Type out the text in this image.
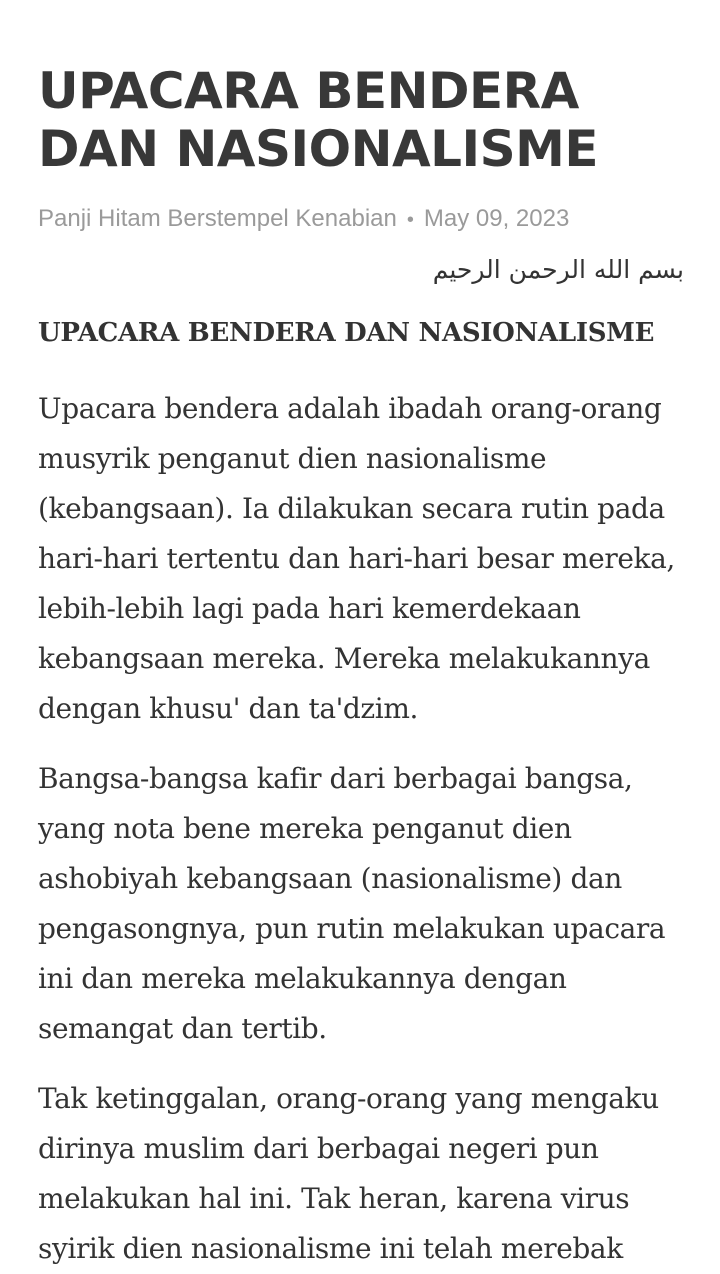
UPACARA BENDERA DAN NASIONALISME
Panji Hitam Berstempel Kenabian • May 09, 2023
بسم الله الرحمن الرحيم
UPACARA BENDERA DAN NASIONALISME

Upacara bendera adalah ibadah orang-orang musyrik penganut dien nasionalisme (kebangsaan). Ia dilakukan secara rutin pada hari-hari tertentu dan hari-hari besar mereka, lebih-lebih lagi pada hari kemerdekaan kebangsaan mereka. Mereka melakukannya dengan khusu' dan ta'dzim.

Bangsa-bangsa kafir dari berbagai bangsa, yang nota bene mereka penganut dien ashobiyah kebangsaan (nasionalisme) dan pengasongnya, pun rutin melakukan upacara ini dan mereka melakukannya dengan semangat dan tertib.

Tak ketinggalan, orang-orang yang mengaku dirinya muslim dari berbagai negeri pun melakukan hal ini. Tak heran, karena virus syirik dien nasionalisme ini telah merebak
